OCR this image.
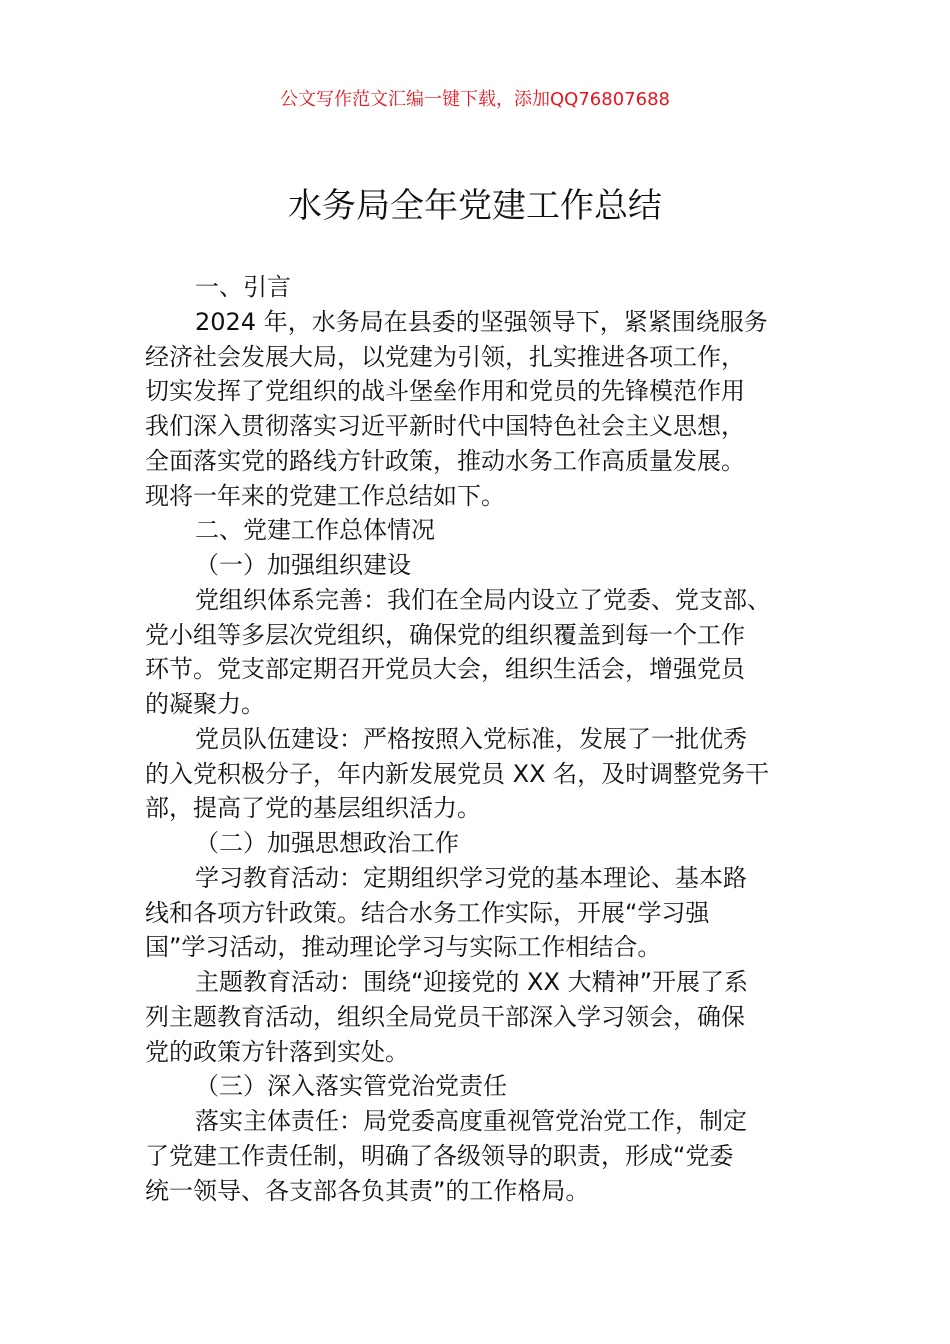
公文写作范文汇编一键下载，添加QQ76807688
水务局全年党建工作总结
一、引言
2024 年，水务局在县委的坚强领导下，紧紧围绕服务
经济社会发展大局，以党建为引领，扎实推进各项工作，
切实发挥了党组织的战斗堡垒作用和党员的先锋模范作用
我们深入贯彻落实习近平新时代中国特色社会主义思想，
全面落实党的路线方针政策，推动水务工作高质量发展。
现将一年来的党建工作总结如下。
二、党建工作总体情况
（一）加强组织建设
党组织体系完善：我们在全局内设立了党委、党支部、
党小组等多层次党组织，确保党的组织覆盖到每一个工作
环节。党支部定期召开党员大会，组织生活会，增强党员
的凝聚力。
党员队伍建设：严格按照入党标准，发展了一批优秀
的入党积极分子，年内新发展党员 XX 名，及时调整党务干
部，提高了党的基层组织活力。
（二）加强思想政治工作
学习教育活动：定期组织学习党的基本理论、基本路
线和各项方针政策。结合水务工作实际，开展“学习强
国”学习活动，推动理论学习与实际工作相结合。
主题教育活动：围绕“迎接党的 XX 大精神”开展了系
列主题教育活动，组织全局党员干部深入学习领会，确保
党的政策方针落到实处。
（三）深入落实管党治党责任
落实主体责任：局党委高度重视管党治党工作，制定
了党建工作责任制，明确了各级领导的职责，形成“党委
统一领导、各支部各负其责”的工作格局。
